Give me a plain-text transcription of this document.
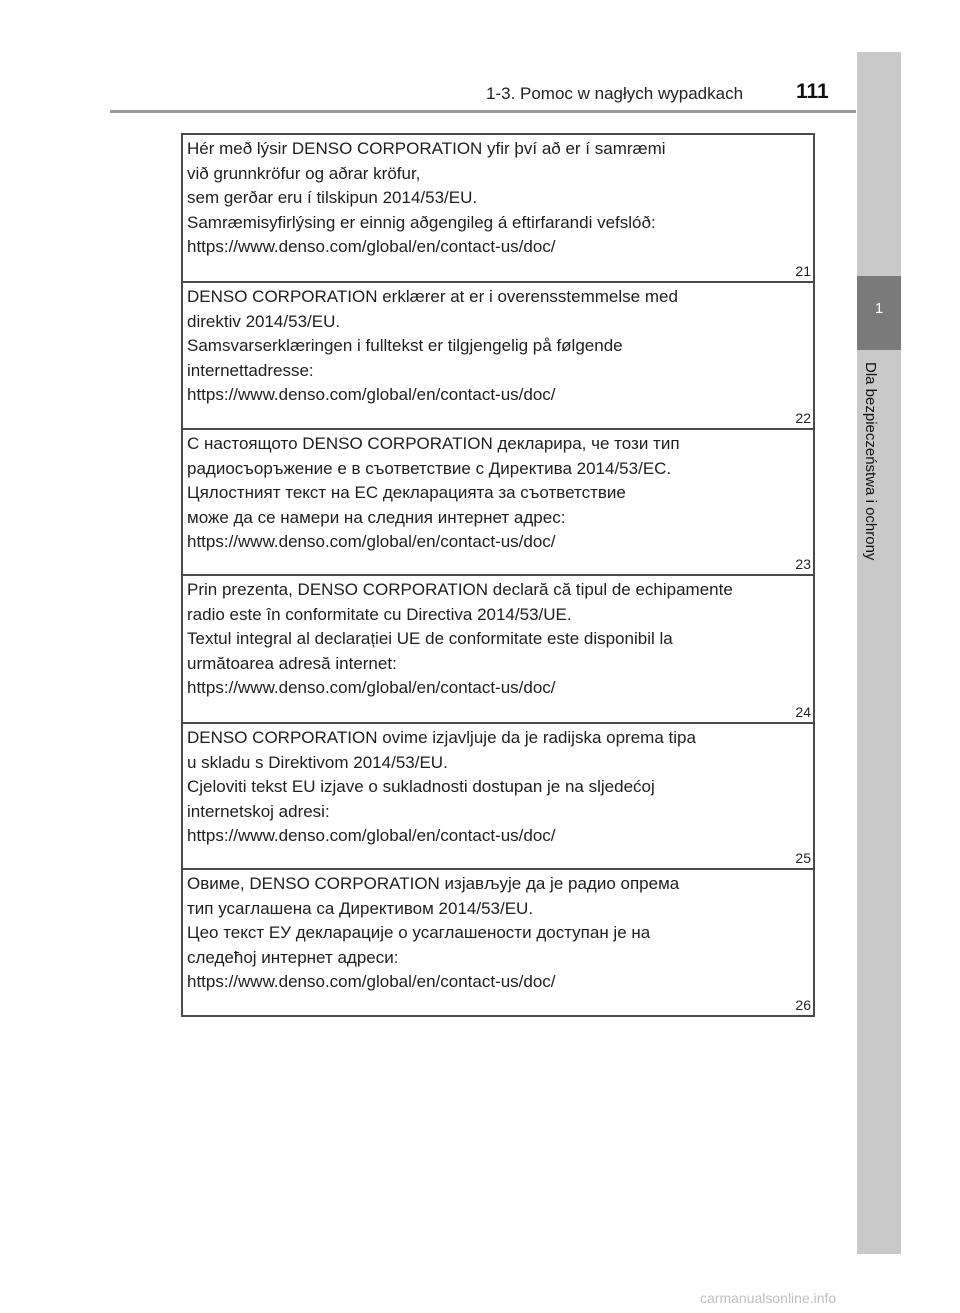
1-3. Pomoc w nagłych wypadkach	111
1
Dla bezpieczeństwa i ochrony
Hér með lýsir DENSO CORPORATION yfir því að er í samræmi
við grunnkröfur og aðrar kröfur,
sem gerðar eru í tilskipun 2014/53/EU.
Samræmisyfirlýsing er einnig aðgengileg á eftirfarandi vefslóð:
https://www.denso.com/global/en/contact-us/doc/
21
DENSO CORPORATION erklærer at er i overensstemmelse med
direktiv 2014/53/EU.
Samsvarserklæringen i fulltekst er tilgjengelig på følgende
internettadresse:
https://www.denso.com/global/en/contact-us/doc/
22
С настоящото DENSO CORPORATION декларира, че този тип
радиосъоръжение е в съответствие с Директива 2014/53/ЕС.
Цялостният текст на ЕС декларацията за съответствие
може да се намери на следния интернет адрес:
https://www.denso.com/global/en/contact-us/doc/
23
Prin prezenta, DENSO CORPORATION declară că tipul de echipamente
radio este în conformitate cu Directiva 2014/53/UE.
Textul integral al declarației UE de conformitate este disponibil la
următoarea adresă internet:
https://www.denso.com/global/en/contact-us/doc/
24
DENSO CORPORATION ovime izjavljuje da je radijska oprema tipa
u skladu s Direktivom 2014/53/EU.
Cjeloviti tekst EU izjave o sukladnosti dostupan je na sljedećoj
internetskoj adresi:
https://www.denso.com/global/en/contact-us/doc/
25
Овиме, DENSO CORPORATION изјављује да је радио опрема
тип усаглашена са Директивом 2014/53/EU.
Цео текст ЕУ декларације о усаглашености доступан је на
следећој интернет адреси:
https://www.denso.com/global/en/contact-us/doc/
26
carmanualsonline.info
